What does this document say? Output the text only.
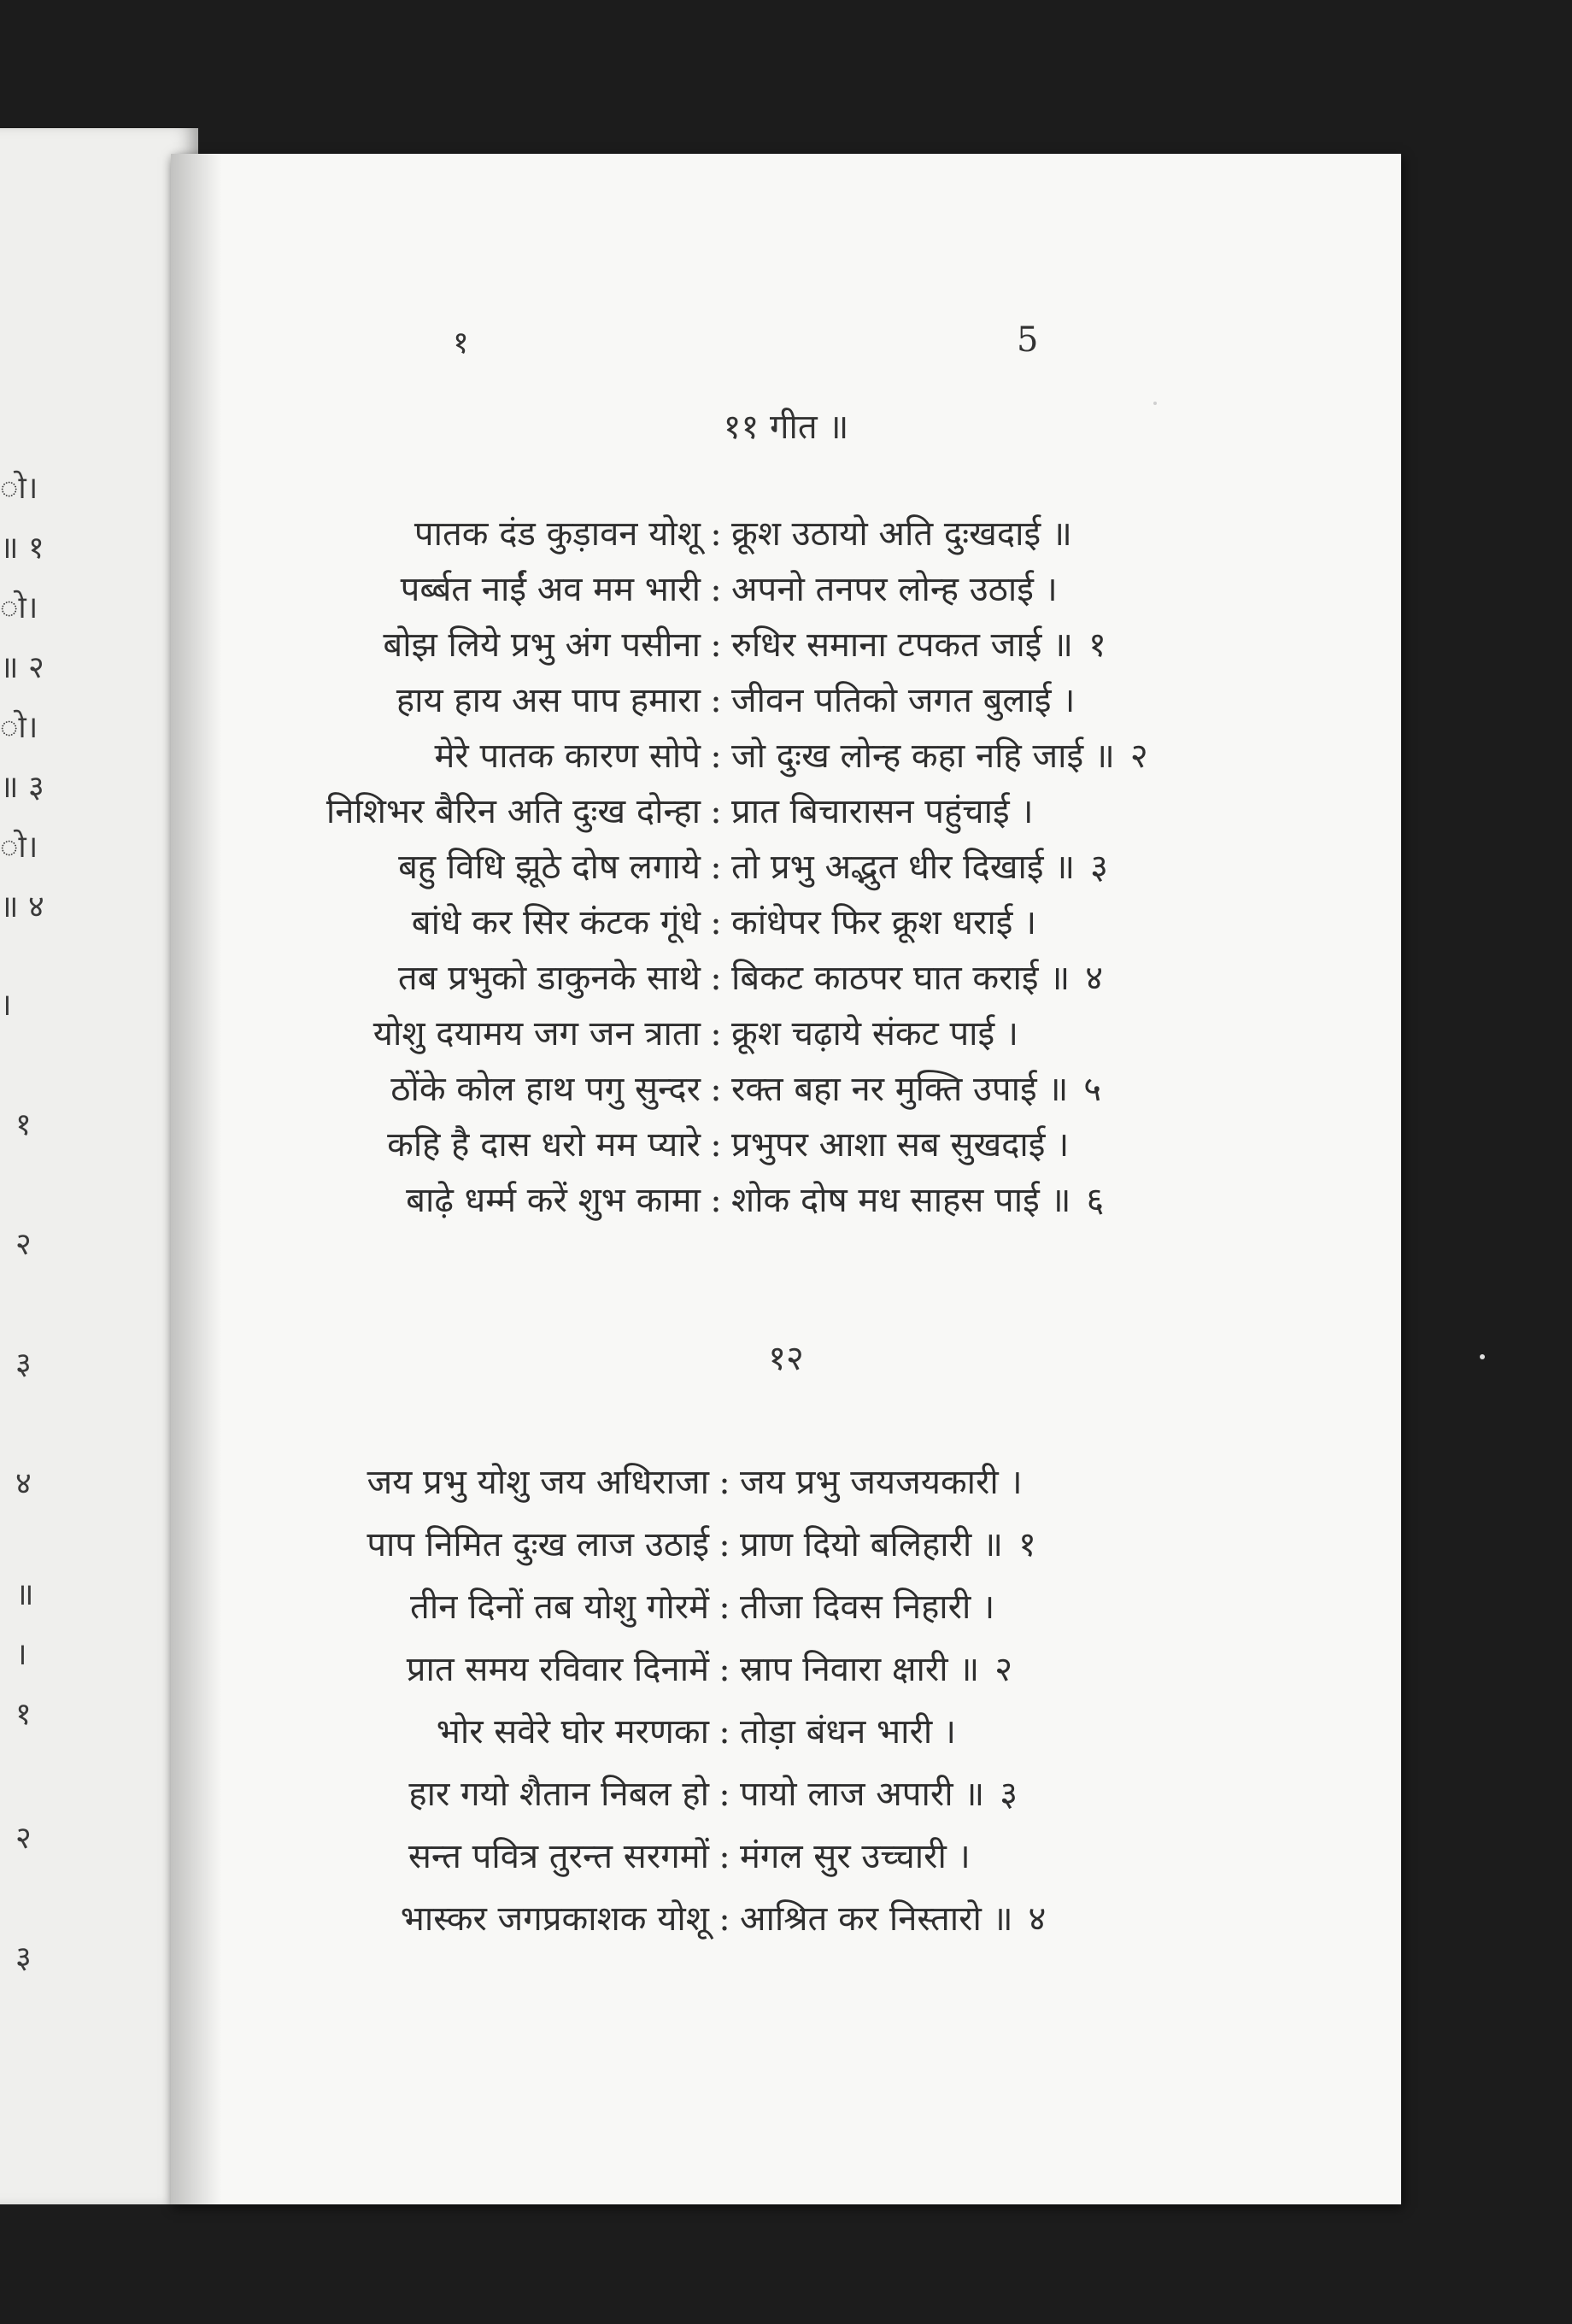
ो।
॥ १
ो।
॥ २
ो।
॥ ३
ो।
॥ ४
।
१
२
३
४
॥
।
१
२
३
१	5
११ गीत ॥
पातक दंड कुड़ावन योशू : क्रूश उठायो अति दुःखदाई ॥
पर्ब्बत नाईं अव मम भारी : अपनो तनपर लोन्ह उठाई ।
बोझ लिये प्रभु अंग पसीना : रुधिर समाना टपकत जाई ॥ १
हाय हाय अस पाप हमारा : जीवन पतिको जगत बुलाई ।
मेरे पातक कारण सोपे : जो दुःख लोन्ह कहा नहि जाई ॥ २
निशिभर बैरिन अति दुःख दोन्हा : प्रात बिचारासन पहुंचाई ।
बहु विधि झूठे दोष लगाये : तो प्रभु अद्भुत धीर दिखाई ॥ ३
बांधे कर सिर कंटक गूंधे : कांधेपर फिर क्रूश धराई ।
तब प्रभुको डाकुनके साथे : बिकट काठपर घात कराई ॥ ४
योशु दयामय जग जन त्राता : क्रूश चढ़ाये संकट पाई ।
ठोंके कोल हाथ पगु सुन्दर : रक्त बहा नर मुक्ति उपाई ॥ ५
कहि है दास धरो मम प्यारे : प्रभुपर आशा सब सुखदाई ।
बाढ़े धर्म्म करें शुभ कामा : शोक दोष मध साहस पाई ॥ ६
१२
जय प्रभु योशु जय अधिराजा : जय प्रभु जयजयकारी ।
पाप निमित दुःख लाज उठाई : प्राण दियो बलिहारी ॥ १
तीन दिनों तब योशु गोरमें : तीजा दिवस निहारी ।
प्रात समय रविवार दिनामें : स्राप निवारा क्षारी ॥ २
भोर सवेरे घोर मरणका : तोड़ा बंधन भारी ।
हार गयो शैतान निबल हो : पायो लाज अपारी ॥ ३
सन्त पवित्र तुरन्त सरगमों : मंगल सुर उच्चारी ।
भास्कर जगप्रकाशक योशू : आश्रित कर निस्तारो ॥ ४
